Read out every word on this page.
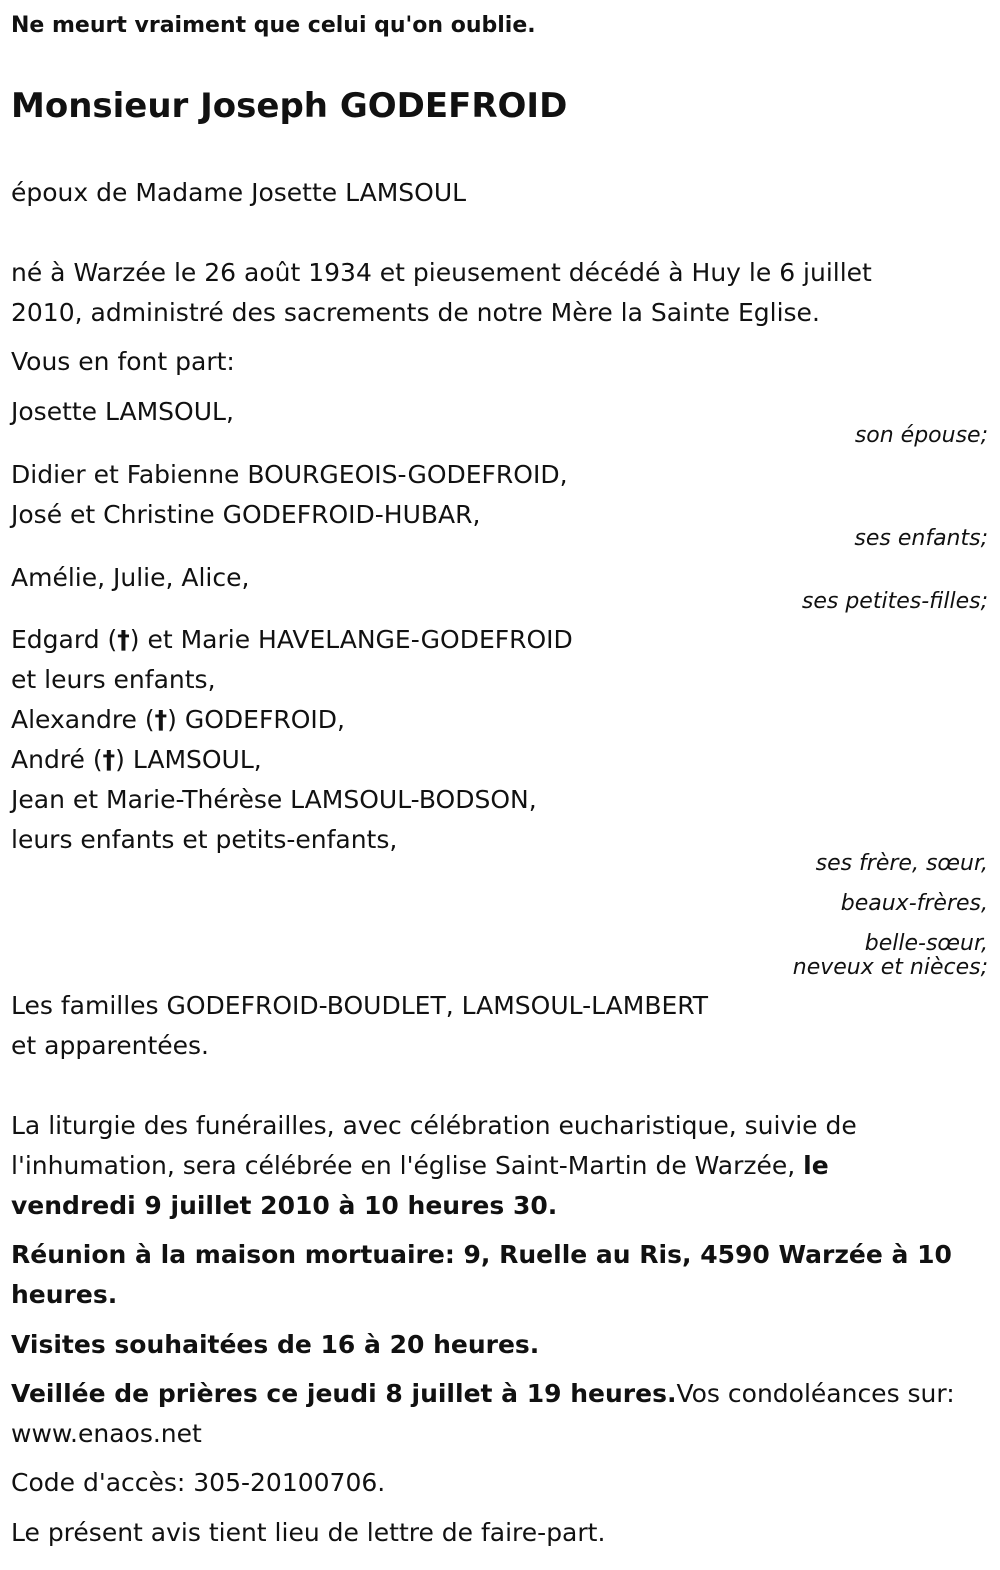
Ne meurt vraiment que celui qu'on oublie.
Monsieur Joseph GODEFROID
époux de Madame Josette LAMSOUL
né à Warzée le 26 août 1934 et pieusement décédé à Huy le 6 juillet
2010, administré des sacrements de notre Mère la Sainte Eglise.
Vous en font part:
Josette LAMSOUL,
son épouse;
Didier et Fabienne BOURGEOIS-GODEFROID,
José et Christine GODEFROID-HUBAR,
ses enfants;
Amélie, Julie, Alice,
ses petites-filles;
Edgard (†) et Marie HAVELANGE-GODEFROID
et leurs enfants,
Alexandre (†) GODEFROID,
André (†) LAMSOUL,
Jean et Marie-Thérèse LAMSOUL-BODSON,
leurs enfants et petits-enfants,
ses frère, sœur,
beaux-frères,
belle-sœur,
neveux et nièces;
Les familles GODEFROID-BOUDLET, LAMSOUL-LAMBERT
et apparentées.
La liturgie des funérailles, avec célébration eucharistique, suivie de
l'inhumation, sera célébrée en l'église Saint-Martin de Warzée, le
vendredi 9 juillet 2010 à 10 heures 30.
Réunion à la maison mortuaire: 9, Ruelle au Ris, 4590 Warzée à 10
heures.
Visites souhaitées de 16 à 20 heures.
Veillée de prières ce jeudi 8 juillet à 19 heures.Vos condoléances sur:
www.enaos.net
Code d'accès: 305-20100706.
Le présent avis tient lieu de lettre de faire-part.
